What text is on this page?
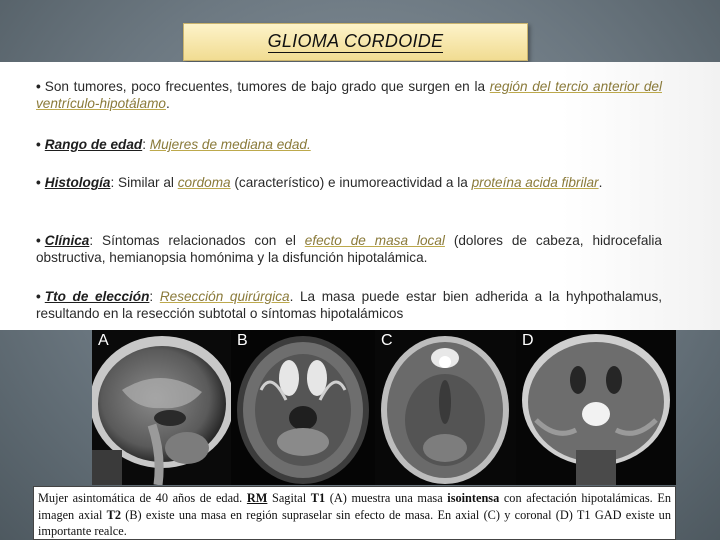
GLIOMA CORDOIDE
• Son tumores, poco frecuentes, tumores de bajo grado que surgen en la región del tercio anterior del ventrículo-hipotálamo.
• Rango de edad: Mujeres de mediana edad.
• Histología: Similar al cordoma (característico) e inumoreactividad a la proteína acida fibrilar.
• Clínica: Síntomas relacionados con el efecto de masa local (dolores de cabeza, hidrocefalia obstructiva, hemianopsia homónima y la disfunción hipotalámica.
• Tto de elección: Resección quirúrgica. La masa puede estar bien adherida a la hyhpothalamus, resultando en la resección subtotal o síntomas hipotalámicos
A	B	C	D
Mujer asintomática de 40 años de edad. RM Sagital T1 (A) muestra una masa isointensa con afectación hipotalámicas. En imagen axial T2 (B) existe una masa en región supraselar sin efecto de masa. En axial (C) y coronal (D) T1 GAD existe un importante realce.
